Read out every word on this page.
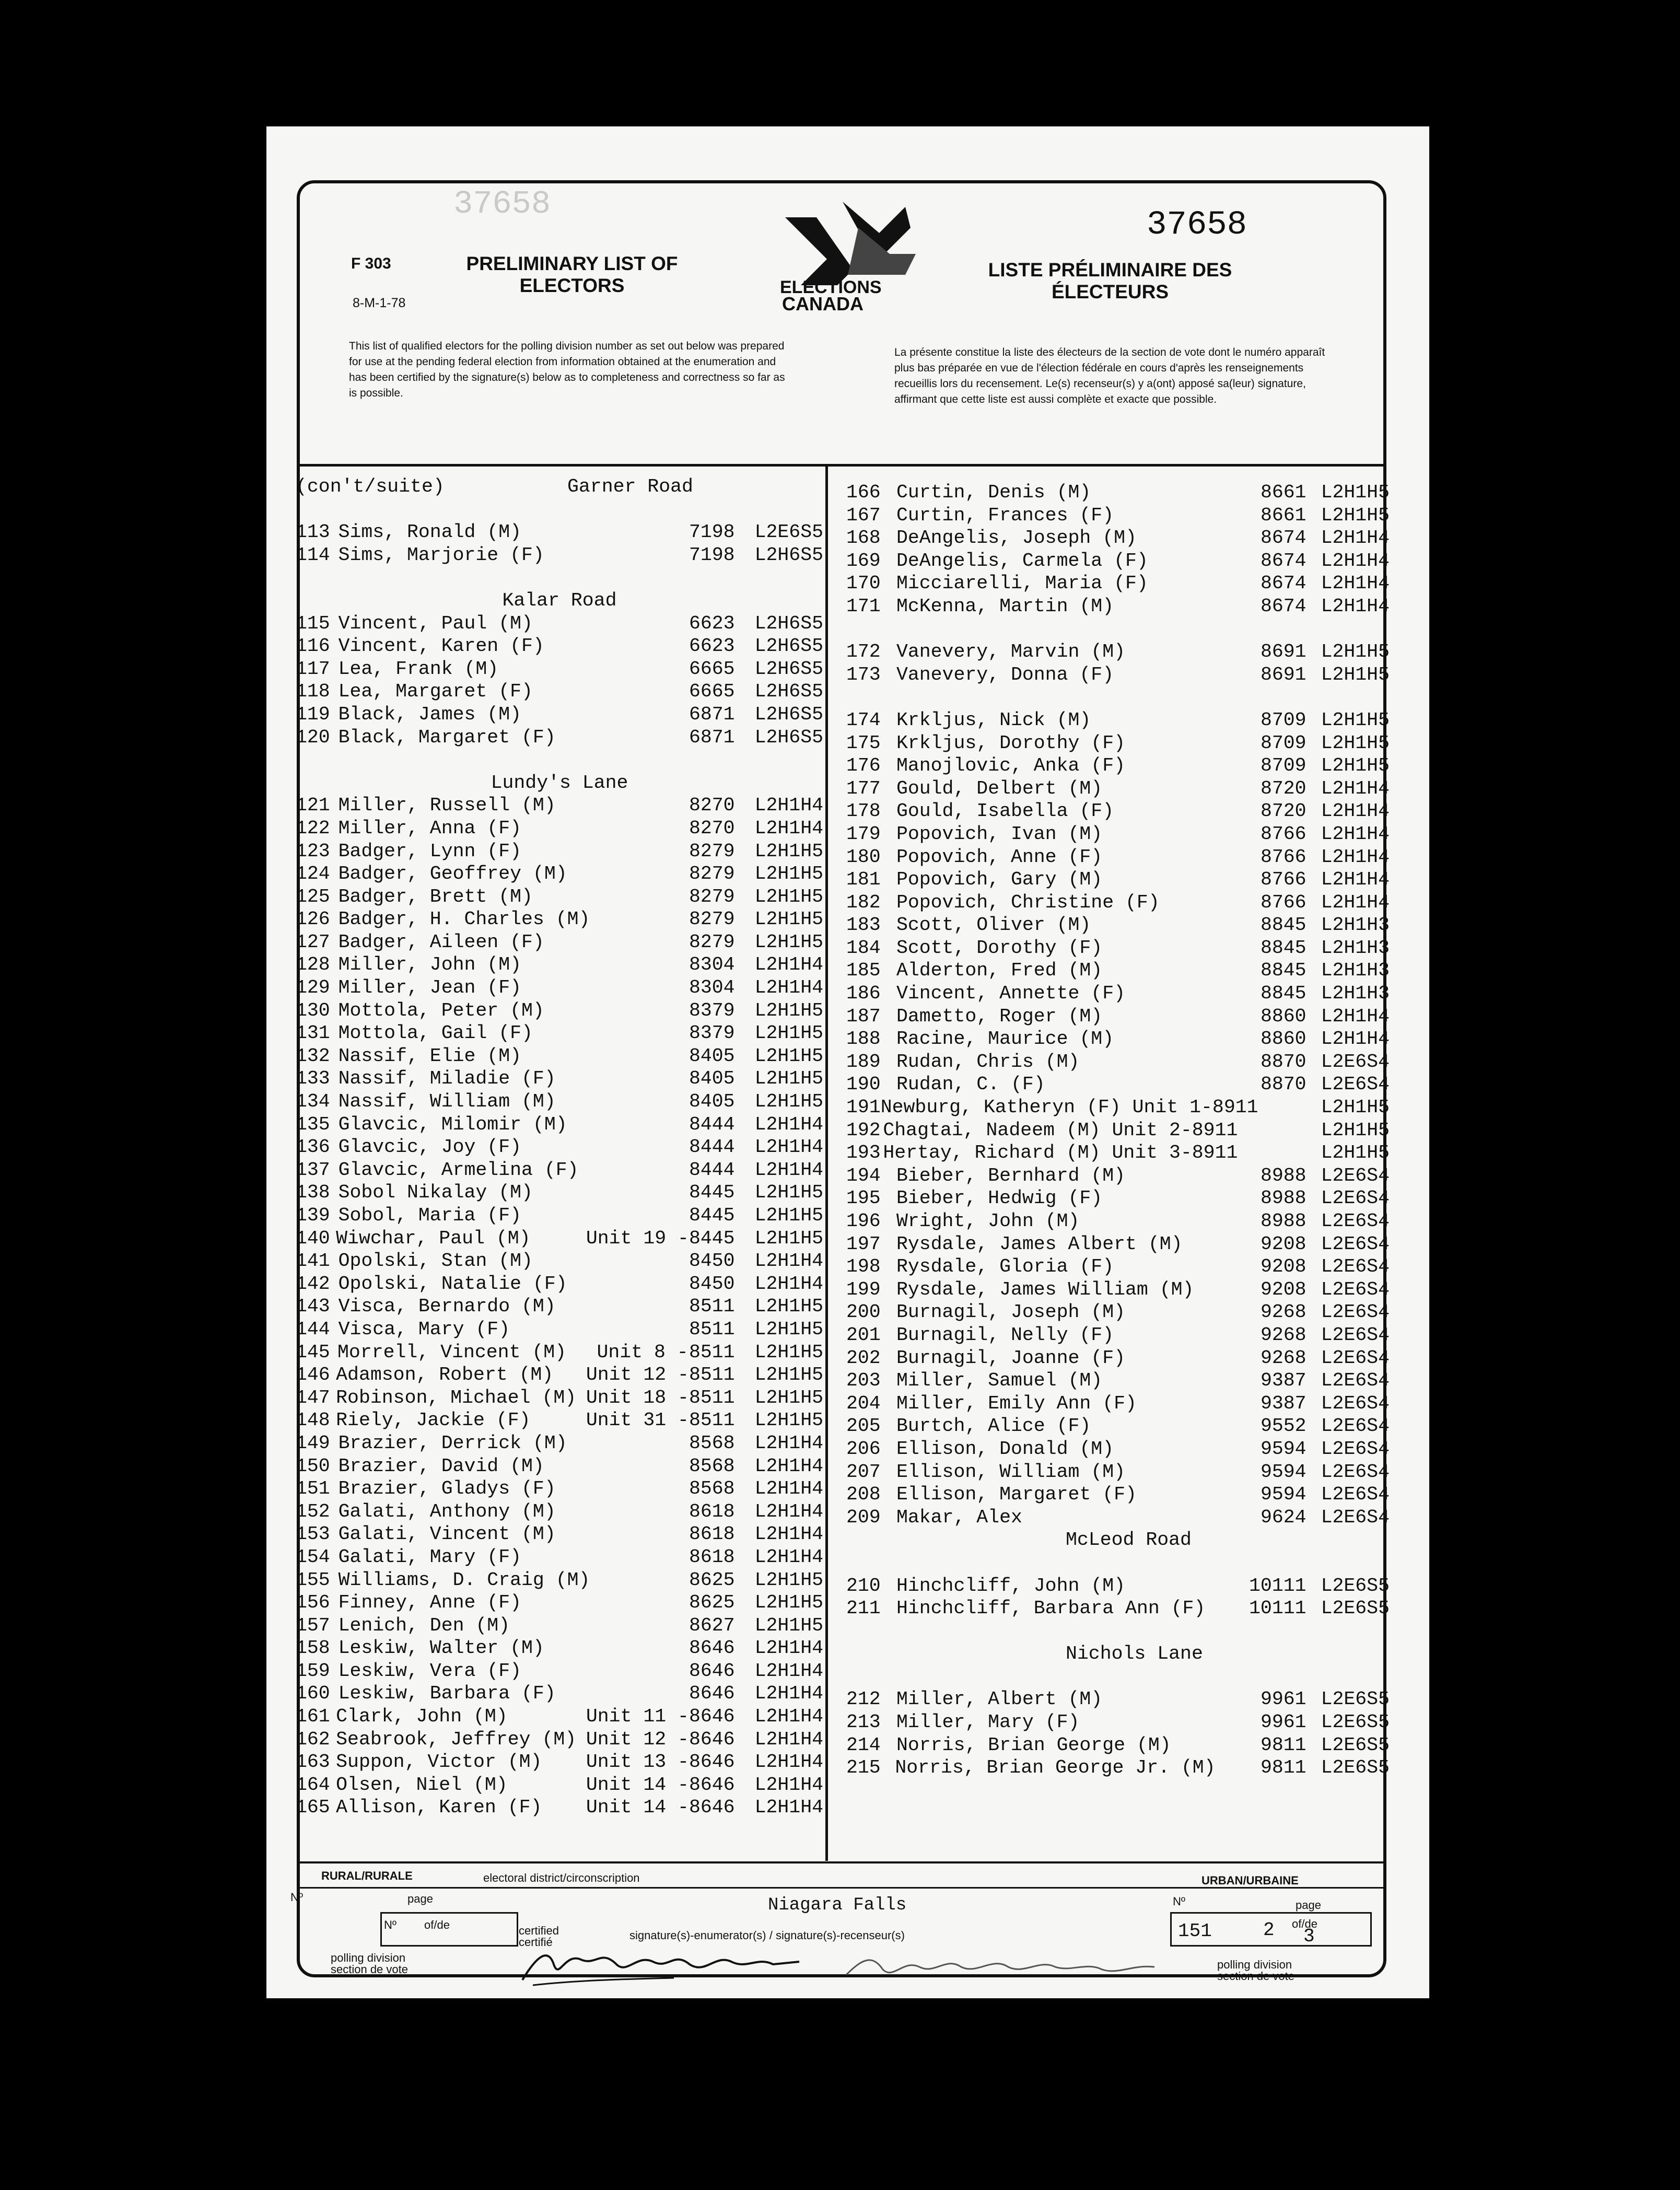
37658
37658
F 303
8-M-1-78
PRELIMINARY LIST OF
ELECTORS
LISTE PRÉLIMINAIRE DES
ÉLECTEURS
ELECTIONS
CANADA
This list of qualified electors for the polling division number as set out below was prepared for use at the pending federal election from information obtained at the enumeration and has been certified by the signature(s) below as to completeness and correctness so far as is possible.
La présente constitue la liste des électeurs de la section de vote dont le numéro apparaît plus bas préparée en vue de l'élection fédérale en cours d'après les renseignements recueillis lors du recensement. Le(s) recenseur(s) y a(ont) apposé sa(leur) signature, affirmant que cette liste est aussi complète et exacte que possible.
(con't/suite)	Garner Road
113 Sims, Ronald (M)	7198 L2E6S5
114 Sims, Marjorie (F)	7198 L2H6S5
Kalar Road
115 Vincent, Paul (M)	6623 L2H6S5
116 Vincent, Karen (F)	6623 L2H6S5
117 Lea, Frank (M)	6665 L2H6S5
118 Lea, Margaret (F)	6665 L2H6S5
119 Black, James (M)	6871 L2H6S5
120 Black, Margaret (F)	6871 L2H6S5
Lundy's Lane
121 Miller, Russell (M)	8270 L2H1H4
122 Miller, Anna (F)	8270 L2H1H4
123 Badger, Lynn (F)	8279 L2H1H5
124 Badger, Geoffrey (M)	8279 L2H1H5
125 Badger, Brett (M)	8279 L2H1H5
126 Badger, H. Charles (M)	8279 L2H1H5
127 Badger, Aileen (F)	8279 L2H1H5
128 Miller, John (M)	8304 L2H1H4
129 Miller, Jean (F)	8304 L2H1H4
130 Mottola, Peter (M)	8379 L2H1H5
131 Mottola, Gail (F)	8379 L2H1H5
132 Nassif, Elie (M)	8405 L2H1H5
133 Nassif, Miladie (F)	8405 L2H1H5
134 Nassif, William (M)	8405 L2H1H5
135 Glavcic, Milomir (M)	8444 L2H1H4
136 Glavcic, Joy (F)	8444 L2H1H4
137 Glavcic, Armelina (F)	8444 L2H1H4
138 Sobol Nikalay (M)	8445 L2H1H5
139 Sobol, Maria (F)	8445 L2H1H5
140 Wiwchar, Paul (M)	Unit 19 - 8445 L2H1H5
141 Opolski, Stan (M)	8450 L2H1H4
142 Opolski, Natalie (F)	8450 L2H1H4
143 Visca, Bernardo (M)	8511 L2H1H5
144 Visca, Mary (F)	8511 L2H1H5
145 Morrell, Vincent (M)	Unit 8 - 8511 L2H1H5
146 Adamson, Robert (M)	Unit 12 - 8511 L2H1H5
147 Robinson, Michael (M) Unit 18 - 8511 L2H1H5
148 Riely, Jackie (F)	Unit 31 - 8511 L2H1H5
149 Brazier, Derrick (M)	8568 L2H1H4
150 Brazier, David (M)	8568 L2H1H4
151 Brazier, Gladys (F)	8568 L2H1H4
152 Galati, Anthony (M)	8618 L2H1H4
153 Galati, Vincent (M)	8618 L2H1H4
154 Galati, Mary (F)	8618 L2H1H4
155 Williams, D. Craig (M)	8625 L2H1H5
156 Finney, Anne (F)	8625 L2H1H5
157 Lenich, Den (M)	8627 L2H1H5
158 Leskiw, Walter (M)	8646 L2H1H4
159 Leskiw, Vera (F)	8646 L2H1H4
160 Leskiw, Barbara (F)	8646 L2H1H4
161 Clark, John (M)	Unit 11 - 8646 L2H1H4
162 Seabrook, Jeffrey (M) Unit 12 - 8646 L2H1H4
163 Suppon, Victor (M)	Unit 13 - 8646 L2H1H4
164 Olsen, Niel (M)	Unit 14 - 8646 L2H1H4
165 Allison, Karen (F)	Unit 14 - 8646 L2H1H4
166 Curtin, Denis (M)	8661 L2H1H5
167 Curtin, Frances (F)	8661 L2H1H5
168 DeAngelis, Joseph (M)	8674 L2H1H4
169 DeAngelis, Carmela (F)	8674 L2H1H4
170 Micciarelli, Maria (F)	8674 L2H1H4
171 McKenna, Martin (M)	8674 L2H1H4
172 Vanevery, Marvin (M)	8691 L2H1H5
173 Vanevery, Donna (F)	8691 L2H1H5
174 Krkljus, Nick (M)	8709 L2H1H5
175 Krkljus, Dorothy (F)	8709 L2H1H5
176 Manojlovic, Anka (F)	8709 L2H1H5
177 Gould, Delbert (M)	8720 L2H1H4
178 Gould, Isabella (F)	8720 L2H1H4
179 Popovich, Ivan (M)	8766 L2H1H4
180 Popovich, Anne (F)	8766 L2H1H4
181 Popovich, Gary (M)	8766 L2H1H4
182 Popovich, Christine (F)	8766 L2H1H4
183 Scott, Oliver (M)	8845 L2H1H3
184 Scott, Dorothy (F)	8845 L2H1H3
185 Alderton, Fred (M)	8845 L2H1H3
186 Vincent, Annette (F)	8845 L2H1H3
187 Dametto, Roger (M)	8860 L2H1H4
188 Racine, Maurice (M)	8860 L2H1H4
189 Rudan, Chris (M)	8870 L2E6S4
190 Rudan, C. (F)	8870 L2E6S4
191 Newburg, Katheryn (F) Unit 1-8911	L2H1H5
192 Chagtai, Nadeem (M) Unit 2-8911	L2H1H5
193 Hertay, Richard (M) Unit 3-8911	L2H1H5
194 Bieber, Bernhard (M)	8988 L2E6S4
195 Bieber, Hedwig (F)	8988 L2E6S4
196 Wright, John (M)	8988 L2E6S4
197 Rysdale, James Albert (M)	9208 L2E6S4
198 Rysdale, Gloria (F)	9208 L2E6S4
199 Rysdale, James William (M)	9208 L2E6S4
200 Burnagil, Joseph (M)	9268 L2E6S4
201 Burnagil, Nelly (F)	9268 L2E6S4
202 Burnagil, Joanne (F)	9268 L2E6S4
203 Miller, Samuel (M)	9387 L2E6S4
204 Miller, Emily Ann (F)	9387 L2E6S4
205 Burtch, Alice (F)	9552 L2E6S4
206 Ellison, Donald (M)	9594 L2E6S4
207 Ellison, William (M)	9594 L2E6S4
208 Ellison, Margaret (F)	9594 L2E6S4
209 Makar, Alex	9624 L2E6S4
McLeod Road
210 Hinchcliff, John (M)	10111 L2E6S5
211 Hinchcliff, Barbara Ann (F)	10111 L2E6S5
Nichols Lane
212 Miller, Albert (M)	9961 L2E6S5
213 Miller, Mary (F)	9961 L2E6S5
214 Norris, Brian George (M)	9811 L2E6S5
215 Norris, Brian George Jr. (M)	9811 L2E6S5
RURAL/RURALE	electoral district/circonscription	URBAN/URBAINE
Nº	page
Nº of/de	certified
certifié
Niagara Falls
signature(s)-enumerator(s) / signature(s)-recenseur(s)
Nº	page
151	2 of/de
3
polling division
section de vote	polling division
section de vote
